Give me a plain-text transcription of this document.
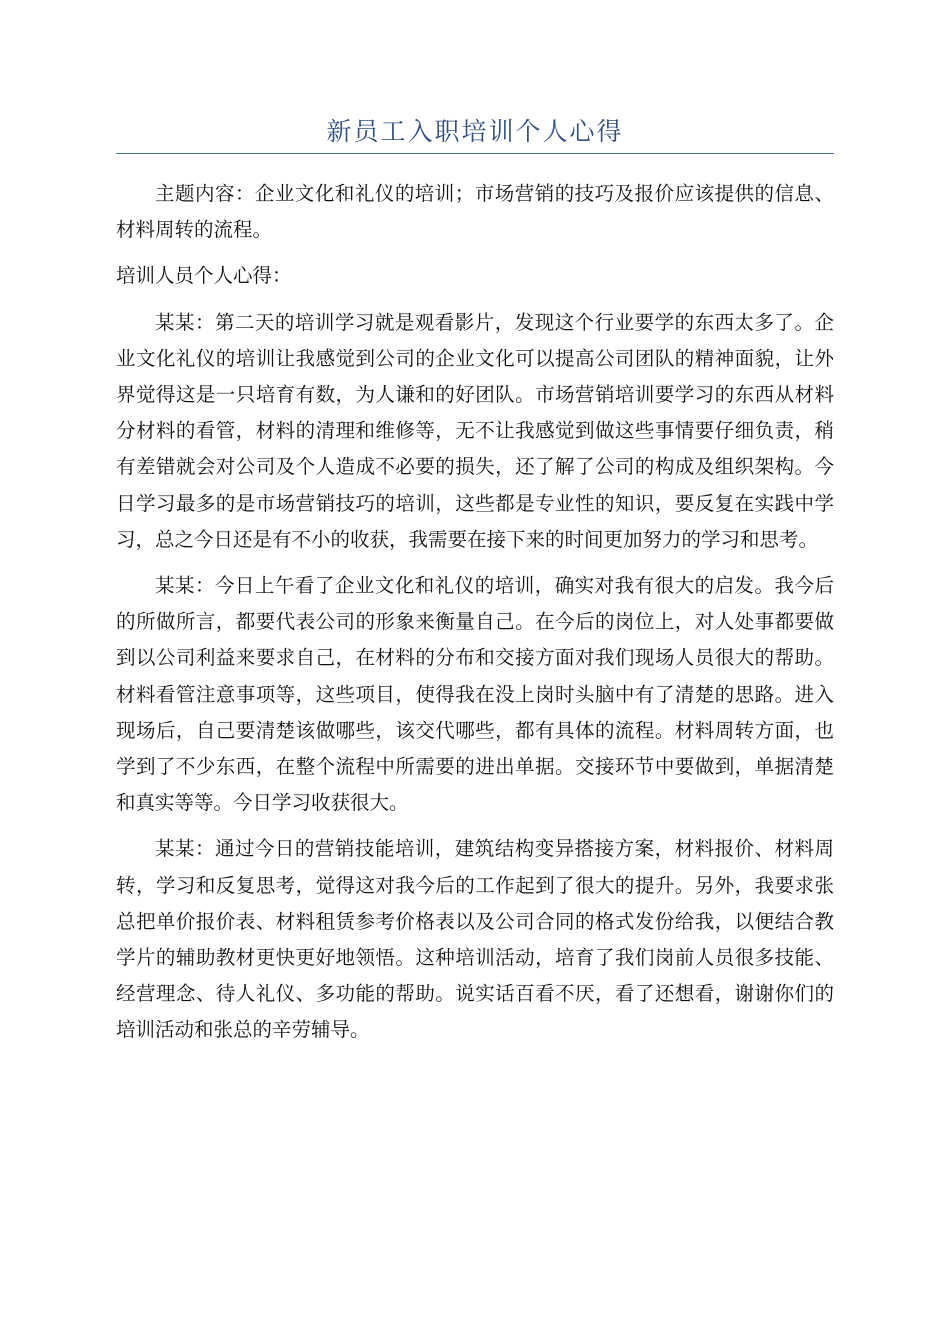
新员工入职培训个人心得

主题内容：企业文化和礼仪的培训；市场营销的技巧及报价应该提供的信息、材料周转的流程。

培训人员个人心得：

某某：第二天的培训学习就是观看影片，发现这个行业要学的东西太多了。企业文化礼仪的培训让我感觉到公司的企业文化可以提高公司团队的精神面貌，让外界觉得这是一只培育有数，为人谦和的好团队。市场营销培训要学习的东西从材料分材料的看管，材料的清理和维修等，无不让我感觉到做这些事情要仔细负责，稍有差错就会对公司及个人造成不必要的损失，还了解了公司的构成及组织架构。今日学习最多的是市场营销技巧的培训，这些都是专业性的知识，要反复在实践中学习，总之今日还是有不小的收获，我需要在接下来的时间更加努力的学习和思考。

某某：今日上午看了企业文化和礼仪的培训，确实对我有很大的启发。我今后的所做所言，都要代表公司的形象来衡量自己。在今后的岗位上，对人处事都要做到以公司利益来要求自己，在材料的分布和交接方面对我们现场人员很大的帮助。材料看管注意事项等，这些项目，使得我在没上岗时头脑中有了清楚的思路。进入现场后，自己要清楚该做哪些，该交代哪些，都有具体的流程。材料周转方面，也学到了不少东西，在整个流程中所需要的进出单据。交接环节中要做到，单据清楚和真实等等。今日学习收获很大。

某某：通过今日的营销技能培训，建筑结构变异搭接方案，材料报价、材料周转，学习和反复思考，觉得这对我今后的工作起到了很大的提升。另外，我要求张总把单价报价表、材料租赁参考价格表以及公司合同的格式发份给我，以便结合教学片的辅助教材更快更好地领悟。这种培训活动，培育了我们岗前人员很多技能、经营理念、待人礼仪、多功能的帮助。说实话百看不厌，看了还想看，谢谢你们的培训活动和张总的辛劳辅导。
